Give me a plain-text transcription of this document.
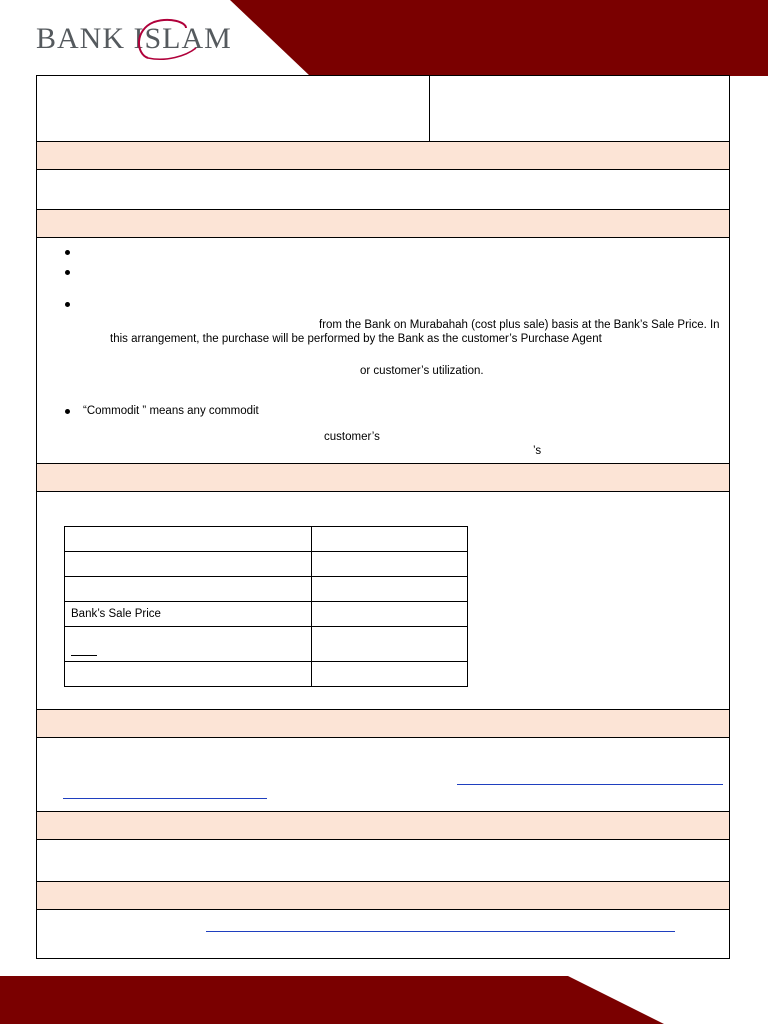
BANK ISLAM
from the Bank on Murabahah (cost plus sale) basis at the Bank’s Sale Price. In
this arrangement, the purchase will be performed by the Bank as the customer’s Purchase Agent
or customer’s utilization.
“Commodit ” means any commodit
customer’s
’s

Bank’s Sale Price	
